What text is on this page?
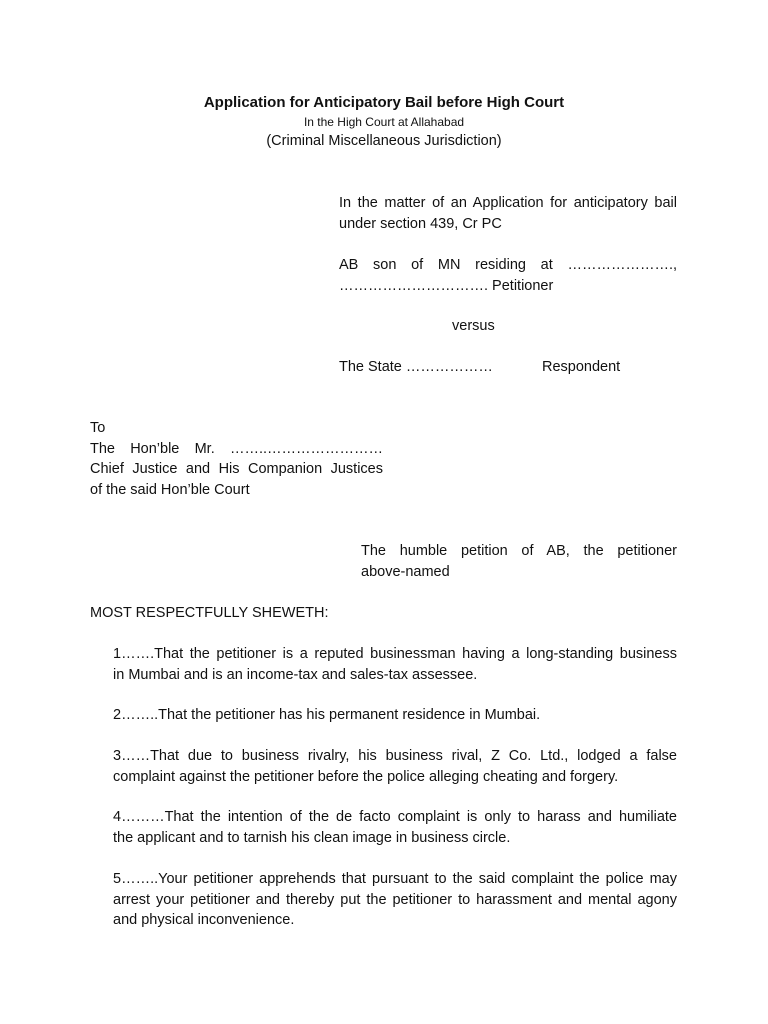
Application for Anticipatory Bail before High Court
In the High Court at Allahabad
(Criminal Miscellaneous Jurisdiction)
In the matter of an Application for anticipatory bail
under section 439, Cr PC
AB son of MN residing at ………………….,
…………………………. Petitioner
versus
The State ………………	Respondent
To
The Hon’ble Mr. ……..……………………
Chief Justice and His Companion Justices
of the said Hon’ble Court
The humble petition of AB, the petitioner
above-named
MOST RESPECTFULLY SHEWETH:
1…….That the petitioner is a reputed businessman having a long-standing business
in Mumbai and is an income-tax and sales-tax assessee.
2……..That the petitioner has his permanent residence in Mumbai.
3……That due to business rivalry, his business rival, Z Co. Ltd., lodged a false
complaint against the petitioner before the police alleging cheating and forgery.
4………That the intention of the de facto complaint is only to harass and humiliate
the applicant and to tarnish his clean image in business circle.
5……..Your petitioner apprehends that pursuant to the said complaint the police may
arrest your petitioner and thereby put the petitioner to harassment and mental agony
and physical inconvenience.
